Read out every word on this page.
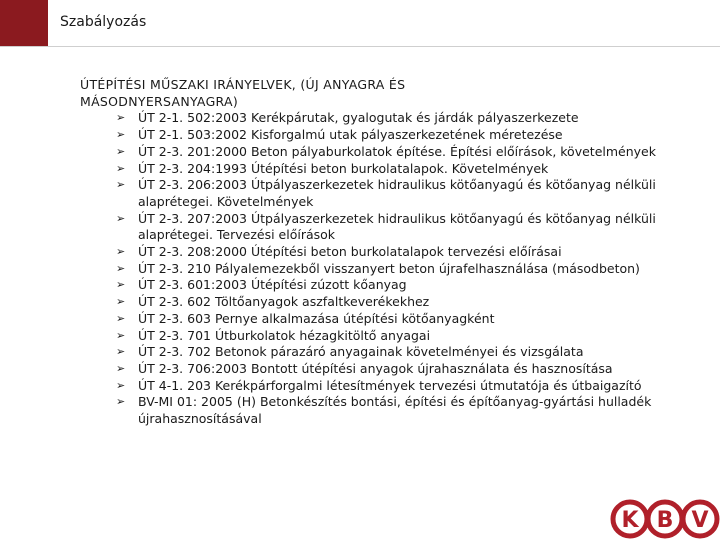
Szabályozás

ÚTÉPÍTÉSI MŰSZAKI IRÁNYELVEK, (ÚJ ANYAGRA ÉS
MÁSODNYERSANYAGRA)

➢ ÚT 2-1. 502:2003 Kerékpárutak, gyalogutak és járdák pályaszerkezete
➢ ÚT 2-1. 503:2002 Kisforgalmú utak pályaszerkezetének méretezése
➢ ÚT 2-3. 201:2000 Beton pályaburkolatok építése. Építési előírások, követelmények
➢ ÚT 2-3. 204:1993 Útépítési beton burkolatalapok. Követelmények
➢ ÚT 2-3. 206:2003 Útpályaszerkezetek hidraulikus kötőanyagú és kötőanyag nélküli alaprétegei. Követelmények
➢ ÚT 2-3. 207:2003 Útpályaszerkezetek hidraulikus kötőanyagú és kötőanyag nélküli alaprétegei. Tervezési előírások
➢ ÚT 2-3. 208:2000 Útépítési beton burkolatalapok tervezési előírásai
➢ ÚT 2-3. 210 Pályalemezekből visszanyert beton újrafelhasználása (másodbeton)
➢ ÚT 2-3. 601:2003 Útépítési zúzott kőanyag
➢ ÚT 2-3. 602 Töltőanyagok aszfaltkeverékekhez
➢ ÚT 2-3. 603 Pernye alkalmazása útépítési kötőanyagként
➢ ÚT 2-3. 701 Útburkolatok hézagkitöltő anyagai
➢ ÚT 2-3. 702 Betonok párazáró anyagainak követelményei és vizsgálata
➢ ÚT 2-3. 706:2003 Bontott útépítési anyagok újrahasználata és hasznosítása
➢ ÚT 4-1. 203 Kerékpárforgalmi létesítmények tervezési útmutatója és útbaigazító
➢ BV-MI 01: 2005 (H) Betonkészítés bontási, építési és építőanyag-gyártási hulladék újrahasznosításával
K B V
